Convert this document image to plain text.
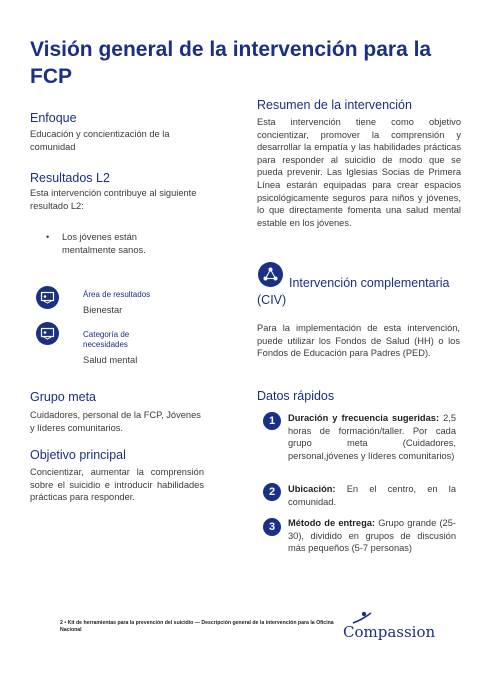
Visión general de la intervención para la FCP
Enfoque
Educación y concientización de la comunidad
Resultados L2
Esta intervención contribuye al siguiente resultado L2:
•	Los jóvenes están mentalmente sanos.
Área de resultados
Bienestar
Categoría de necesidades
Salud mental
Grupo meta
Cuidadores, personal de la FCP, Jóvenes y líderes comunitarios.
Objetivo principal
Concientizar, aumentar la comprensión sobre el suicidio e introducir habilidades prácticas para responder.
Resumen de la intervención
Esta intervención tiene como objetivo concientizar, promover la comprensión y desarrollar la empatía y las habilidades prácticas para responder al suicidio de modo que se pueda prevenir. Las Iglesias Socias de Primera Línea estarán equipadas para crear espacios psicológicamente seguros para niños y jóvenes, lo que directamente fomenta una salud mental estable en los jóvenes.
Intervención complementaria
(CIV)
Para la implementación de esta intervención, puede utilizar los Fondos de Salud (HH) o los Fondos de Educación para Padres (PED).
Datos rápidos
1	Duración y frecuencia sugeridas: 2,5 horas de formación/taller. Por cada grupo meta (Cuidadores, personal,jóvenes y líderes comunitarios)
2	Ubicación: En el centro, en la comunidad.
3	Método de entrega: Grupo grande (25-30), dividido en grupos de discusión más pequeños (5-7 personas)
2 • Kit de herramientas para la prevención del suicidio — Descripción general de la intervención para la Oficina Nacional	Compassion
